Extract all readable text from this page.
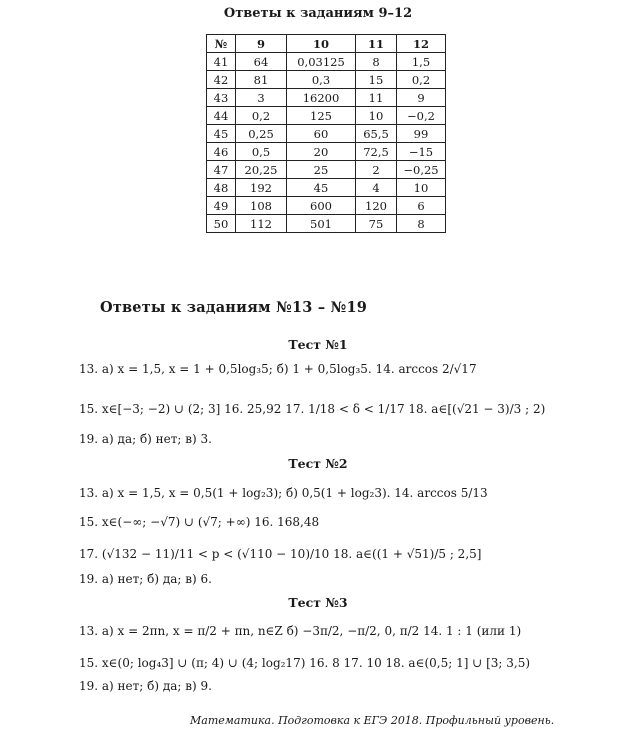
Ответы к заданиям 9–12
№	9	10	11	12
41	64	0,03125	8	1,5
42	81	0,3	15	0,2
43	3	16200	11	9
44	0,2	125	10	−0,2
45	0,25	60	65,5	99
46	0,5	20	72,5	−15
47	20,25	25	2	−0,25
48	192	45	4	10
49	108	600	120	6
50	112	501	75	8
Ответы к заданиям №13 – №19
Тест №1
13. а) x = 1,5, x = 1 + 0,5log₃5; б) 1 + 0,5log₃5. 14. arccos 2/√17
15. x∈[−3; −2) ∪ (2; 3] 16. 25,92 17. 1/18 < δ < 1/17 18. a∈[(√21 − 3)/3 ; 2)
19. а) да; б) нет; в) 3.
Тест №2
13. а) x = 1,5, x = 0,5(1 + log₂3); б) 0,5(1 + log₂3). 14. arccos 5/13
15. x∈(−∞; −√7) ∪ (√7; +∞) 16. 168,48
17. (√132 − 11)/11 < p < (√110 − 10)/10 18. a∈((1 + √51)/5 ; 2,5]
19. а) нет; б) да; в) 6.
Тест №3
13. а) x = 2πn, x = π/2 + πn, n∈Z б) −3π/2, −π/2, 0, π/2 14. 1 : 1 (или 1)
15. x∈(0; log₄3] ∪ (π; 4) ∪ (4; log₂17) 16. 8 17. 10 18. a∈(0,5; 1] ∪ [3; 3,5)
19. а) нет; б) да; в) 9.
Математика. Подготовка к ЕГЭ 2018. Профильный уровень.
